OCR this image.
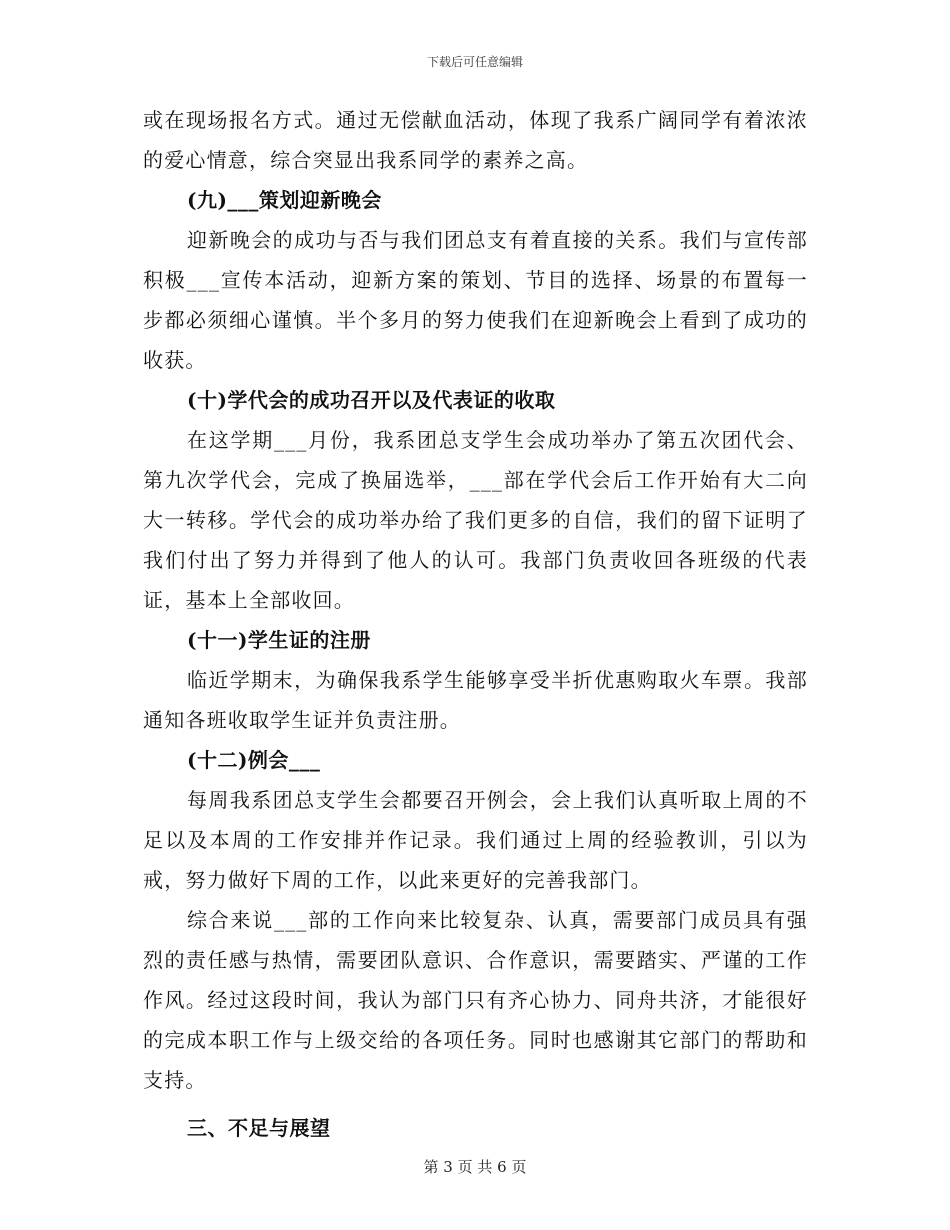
下载后可任意编辑

或在现场报名方式。通过无偿献血活动，体现了我系广阔同学有着浓浓的爱心情意，综合突显出我系同学的素养之高。

(九)___策划迎新晚会

迎新晚会的成功与否与我们团总支有着直接的关系。我们与宣传部积极___宣传本活动，迎新方案的策划、节目的选择、场景的布置每一步都必须细心谨慎。半个多月的努力使我们在迎新晚会上看到了成功的收获。

(十)学代会的成功召开以及代表证的收取

在这学期___月份，我系团总支学生会成功举办了第五次团代会、第九次学代会，完成了换届选举，___部在学代会后工作开始有大二向大一转移。学代会的成功举办给了我们更多的自信，我们的留下证明了我们付出了努力并得到了他人的认可。我部门负责收回各班级的代表证，基本上全部收回。

(十一)学生证的注册

临近学期末，为确保我系学生能够享受半折优惠购取火车票。我部通知各班收取学生证并负责注册。

(十二)例会___

每周我系团总支学生会都要召开例会，会上我们认真听取上周的不足以及本周的工作安排并作记录。我们通过上周的经验教训，引以为戒，努力做好下周的工作，以此来更好的完善我部门。

综合来说___部的工作向来比较复杂、认真，需要部门成员具有强烈的责任感与热情，需要团队意识、合作意识，需要踏实、严谨的工作作风。经过这段时间，我认为部门只有齐心协力、同舟共济，才能很好的完成本职工作与上级交给的各项任务。同时也感谢其它部门的帮助和支持。

三、不足与展望

第 3 页 共 6 页
